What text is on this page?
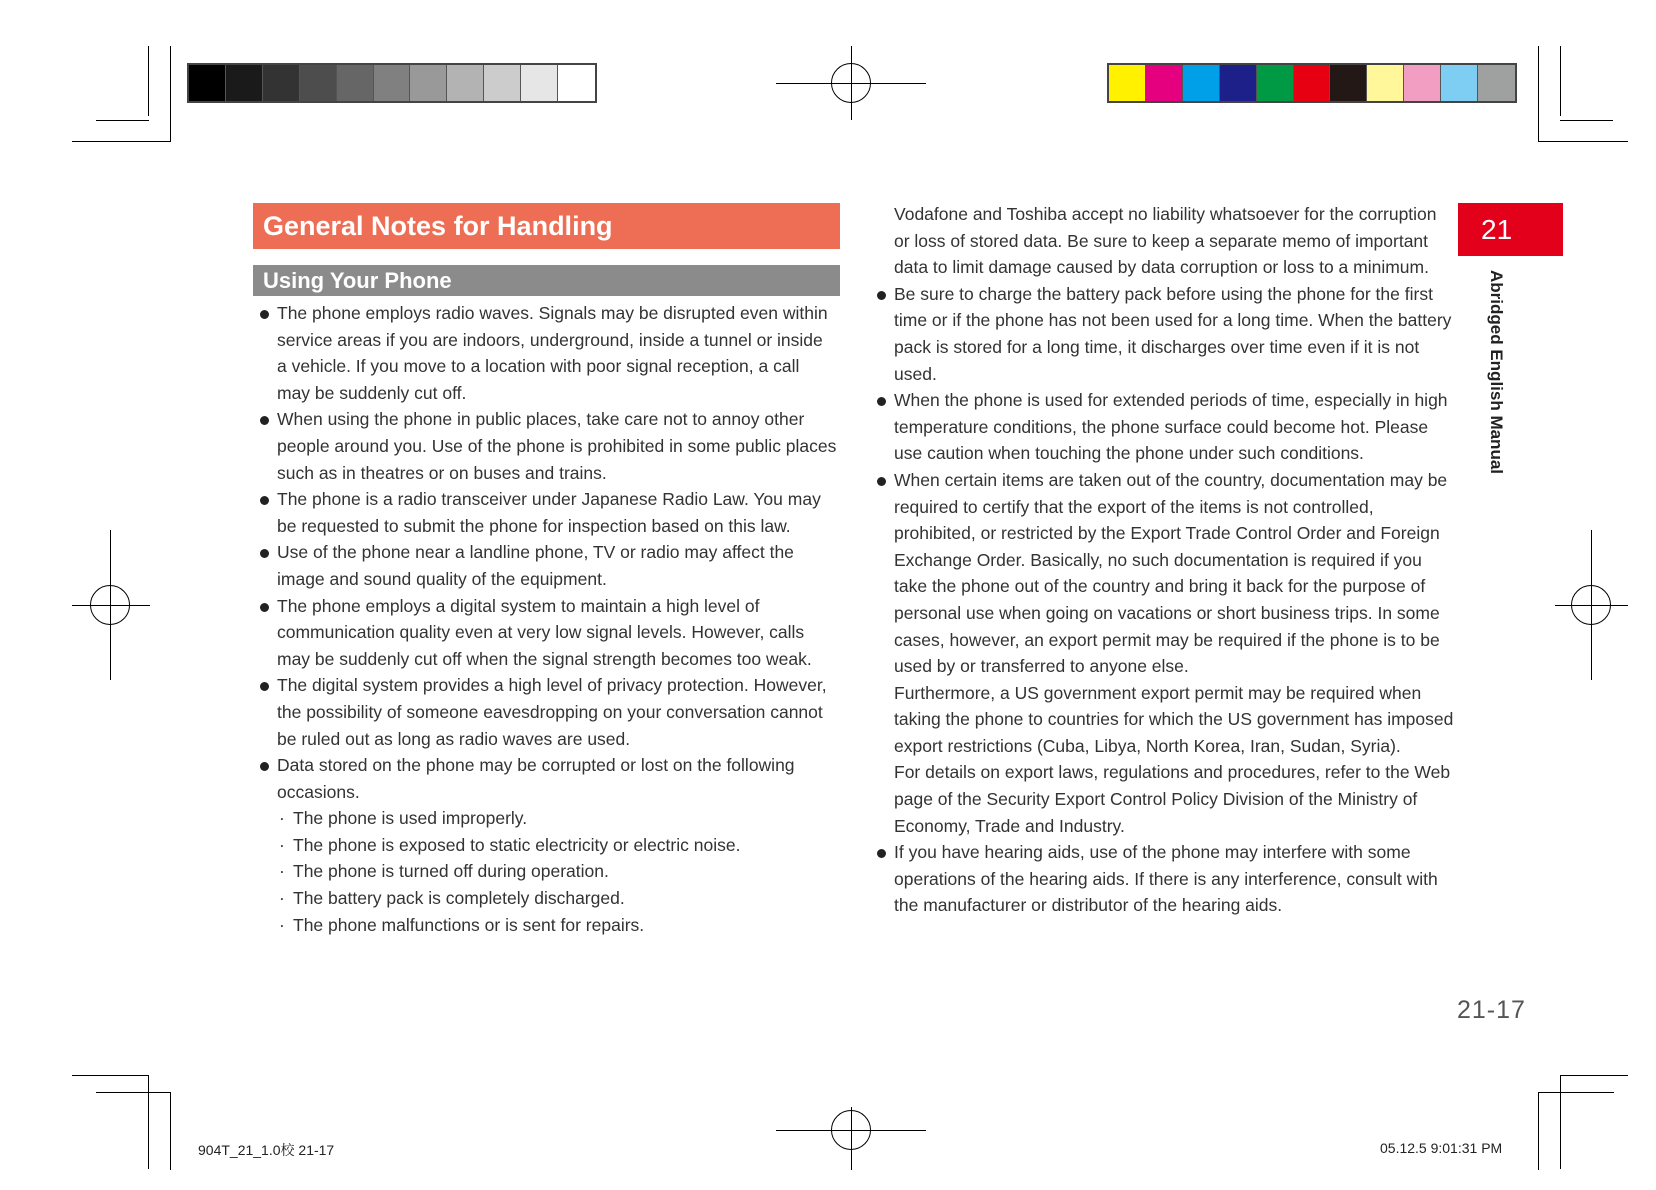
General Notes for Handling
Using Your Phone

The phone employs radio waves. Signals may be disrupted even within service areas if you are indoors, underground, inside a tunnel or inside a vehicle. If you move to a location with poor signal reception, a call may be suddenly cut off.

When using the phone in public places, take care not to annoy other people around you. Use of the phone is prohibited in some public places such as in theatres or on buses and trains.

The phone is a radio transceiver under Japanese Radio Law. You may be requested to submit the phone for inspection based on this law.

Use of the phone near a landline phone, TV or radio may affect the image and sound quality of the equipment.

The phone employs a digital system to maintain a high level of communication quality even at very low signal levels. However, calls may be suddenly cut off when the signal strength becomes too weak.

The digital system provides a high level of privacy protection. However, the possibility of someone eavesdropping on your conversation cannot be ruled out as long as radio waves are used.

Data stored on the phone may be corrupted or lost on the following occasions.

· The phone is used improperly.

· The phone is exposed to static electricity or electric noise.

· The phone is turned off during operation.

· The battery pack is completely discharged.

· The phone malfunctions or is sent for repairs.

Vodafone and Toshiba accept no liability whatsoever for the corruption or loss of stored data. Be sure to keep a separate memo of important data to limit damage caused by data corruption or loss to a minimum.

Be sure to charge the battery pack before using the phone for the first time or if the phone has not been used for a long time. When the battery pack is stored for a long time, it discharges over time even if it is not used.

When the phone is used for extended periods of time, especially in high temperature conditions, the phone surface could become hot. Please use caution when touching the phone under such conditions.

When certain items are taken out of the country, documentation may be required to certify that the export of the items is not controlled, prohibited, or restricted by the Export Trade Control Order and Foreign Exchange Order. Basically, no such documentation is required if you take the phone out of the country and bring it back for the purpose of personal use when going on vacations or short business trips. In some cases, however, an export permit may be required if the phone is to be used by or transferred to anyone else.

Furthermore, a US government export permit may be required when taking the phone to countries for which the US government has imposed export restrictions (Cuba, Libya, North Korea, Iran, Sudan, Syria).

For details on export laws, regulations and procedures, refer to the Web page of the Security Export Control Policy Division of the Ministry of Economy, Trade and Industry.

If you have hearing aids, use of the phone may interfere with some operations of the hearing aids. If there is any interference, consult with the manufacturer or distributor of the hearing aids.

21
Abridged English Manual
21-17
904T_21_1.0校 21-17	05.12.5 9:01:31 PM
